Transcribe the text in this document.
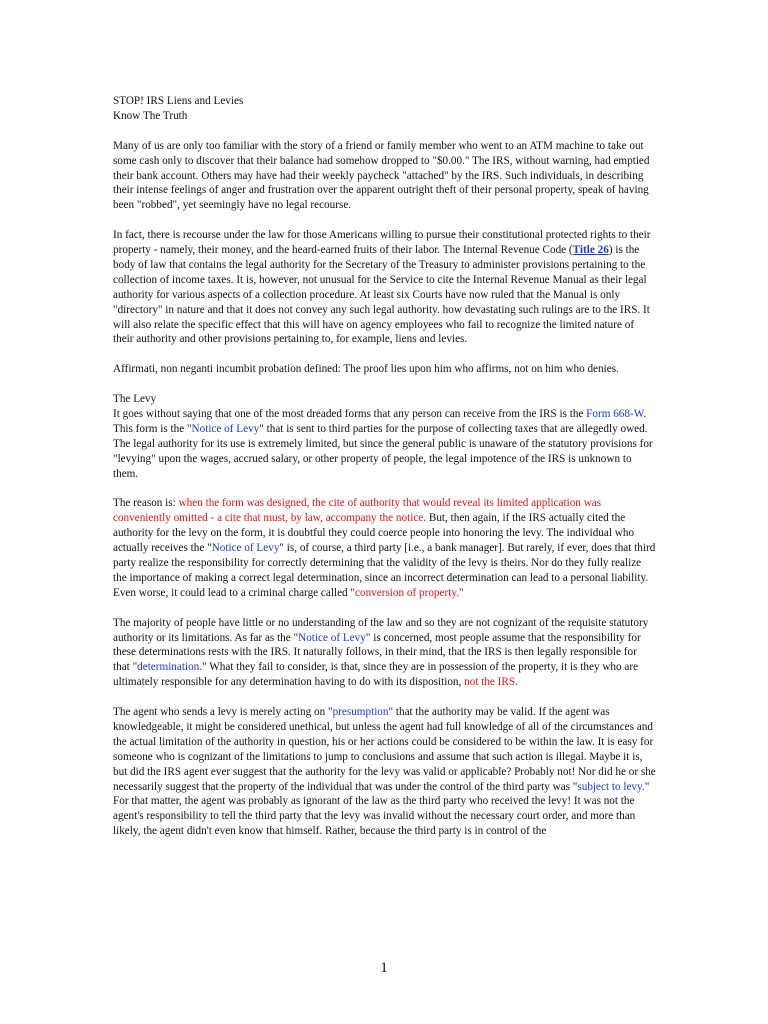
STOP! IRS Liens and Levies
Know The Truth

Many of us are only too familiar with the story of a friend or family member who went to an ATM machine to take out some cash only to discover that their balance had somehow dropped to "$0.00." The IRS, without warning, had emptied their bank account. Others may have had their weekly paycheck "attached" by the IRS. Such individuals, in describing their intense feelings of anger and frustration over the apparent outright theft of their personal property, speak of having been "robbed", yet seemingly have no legal recourse.

In fact, there is recourse under the law for those Americans willing to pursue their constitutional protected rights to their property - namely, their money, and the heard-earned fruits of their labor. The Internal Revenue Code (Title 26) is the body of law that contains the legal authority for the Secretary of the Treasury to administer provisions pertaining to the collection of income taxes. It is, however, not unusual for the Service to cite the Internal Revenue Manual as their legal authority for various aspects of a collection procedure. At least six Courts have now ruled that the Manual is only "directory" in nature and that it does not convey any such legal authority. how devastating such rulings are to the IRS. It will also relate the specific effect that this will have on agency employees who fail to recognize the limited nature of their authority and other provisions pertaining to, for example, liens and levies.

Affirmati, non neganti incumbit probation defined: The proof lies upon him who affirms, not on him who denies.

The Levy
It goes without saying that one of the most dreaded forms that any person can receive from the IRS is the Form 668-W. This form is the "Notice of Levy" that is sent to third parties for the purpose of collecting taxes that are allegedly owed. The legal authority for its use is extremely limited, but since the general public is unaware of the statutory provisions for "levying" upon the wages, accrued salary, or other property of people, the legal impotence of the IRS is unknown to them.

The reason is: when the form was designed, the cite of authority that would reveal its limited application was conveniently omitted - a cite that must, by law, accompany the notice. But, then again, if the IRS actually cited the authority for the levy on the form, it is doubtful they could coerce people into honoring the levy. The individual who actually receives the "Notice of Levy" is, of course, a third party [i.e., a bank manager]. But rarely, if ever, does that third party realize the responsibility for correctly determining that the validity of the levy is theirs. Nor do they fully realize the importance of making a correct legal determination, since an incorrect determination can lead to a personal liability. Even worse, it could lead to a criminal charge called "conversion of property."

The majority of people have little or no understanding of the law and so they are not cognizant of the requisite statutory authority or its limitations. As far as the "Notice of Levy" is concerned, most people assume that the responsibility for these determinations rests with the IRS. It naturally follows, in their mind, that the IRS is then legally responsible for that "determination." What they fail to consider, is that, since they are in possession of the property, it is they who are ultimately responsible for any determination having to do with its disposition, not the IRS.

The agent who sends a levy is merely acting on "presumption" that the authority may be valid. If the agent was knowledgeable, it might be considered unethical, but unless the agent had full knowledge of all of the circumstances and the actual limitation of the authority in question, his or her actions could be considered to be within the law. It is easy for someone who is cognizant of the limitations to jump to conclusions and assume that such action is illegal. Maybe it is, but did the IRS agent ever suggest that the authority for the levy was valid or applicable? Probably not! Nor did he or she necessarily suggest that the property of the individual that was under the control of the third party was "subject to levy." For that matter, the agent was probably as ignorant of the law as the third party who received the levy! It was not the agent's responsibility to tell the third party that the levy was invalid without the necessary court order, and more than likely, the agent didn't even know that himself. Rather, because the third party is in control of the

1
